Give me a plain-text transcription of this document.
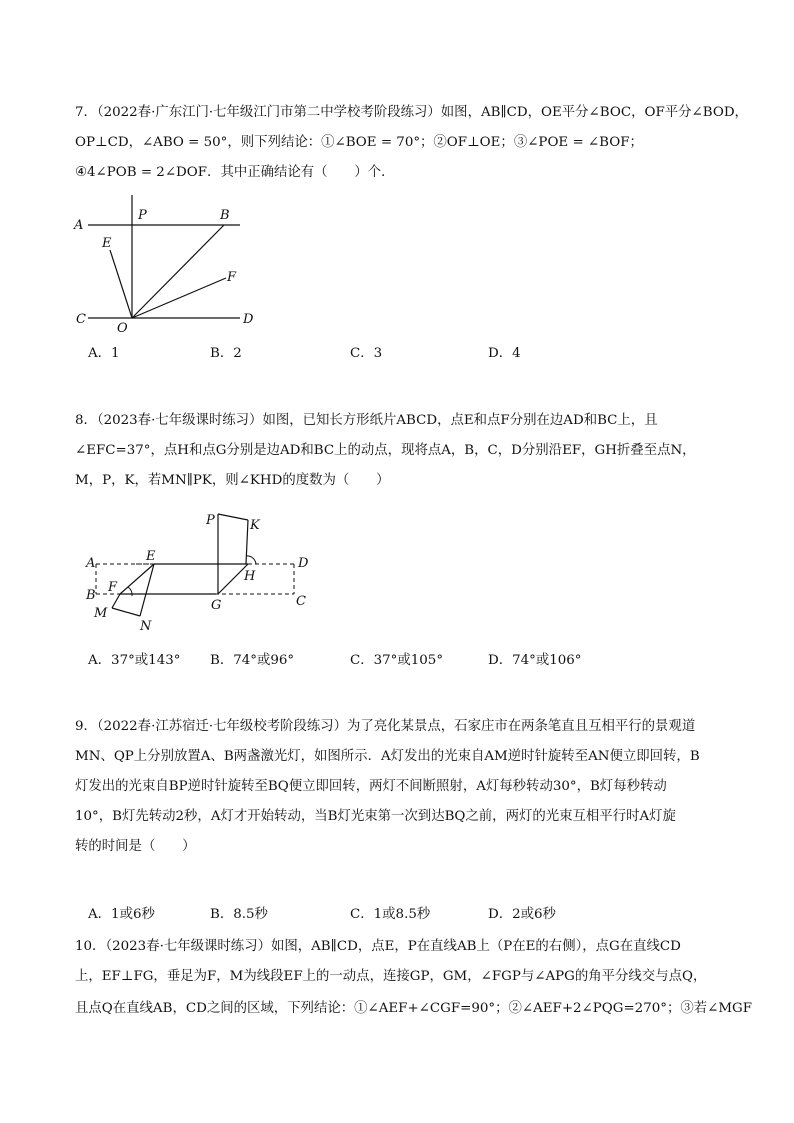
7．（2022春·广东江门·七年级江门市第二中学校考阶段练习）如图，AB∥CD，OE平分∠BOC，OF平分∠BOD，
OP⊥CD，∠ABO = 50°，则下列结论：①∠BOE = 70°；②OF⊥OE；③∠POE = ∠BOF；
④4∠POB = 2∠DOF．其中正确结论有（　　）个．
A
P	B
E
F
C
O
D
A．1	B．2	C．3	D．4
8．（2023春·七年级课时练习）如图，已知长方形纸片ABCD，点E和点F分别在边AD和BC上，且
∠EFC=37°，点H和点G分别是边AD和BC上的动点，现将点A，B，C，D分别沿EF，GH折叠至点N，
M，P，K，若MN∥PK，则∠KHD的度数为（　　）
P	K
A	E	D
F
H
B
G	C
M
N
A．37°或143° B．74°或96°	C．37°或105°	D．74°或106°
9．（2022春·江苏宿迁·七年级校考阶段练习）为了亮化某景点，石家庄市在两条笔直且互相平行的景观道
MN、QP上分别放置A、B两盏激光灯，如图所示．A灯发出的光束自AM逆时针旋转至AN便立即回转，B
灯发出的光束自BP逆时针旋转至BQ便立即回转，两灯不间断照射，A灯每秒转动30°，B灯每秒转动
10°，B灯先转动2秒，A灯才开始转动，当B灯光束第一次到达BQ之前，两灯的光束互相平行时A灯旋
转的时间是（　　）
A．1或6秒	B．8.5秒	C．1或8.5秒	D．2或6秒
10．（2023春·七年级课时练习）如图，AB∥CD，点E，P在直线AB上（P在E的右侧），点G在直线CD
上，EF⊥FG，垂足为F，M为线段EF上的一动点，连接GP，GM，∠FGP与∠APG的角平分线交与点Q，
且点Q在直线AB，CD之间的区域，下列结论：①∠AEF+∠CGF=90°；②∠AEF+2∠PQG=270°；③若∠MGF
